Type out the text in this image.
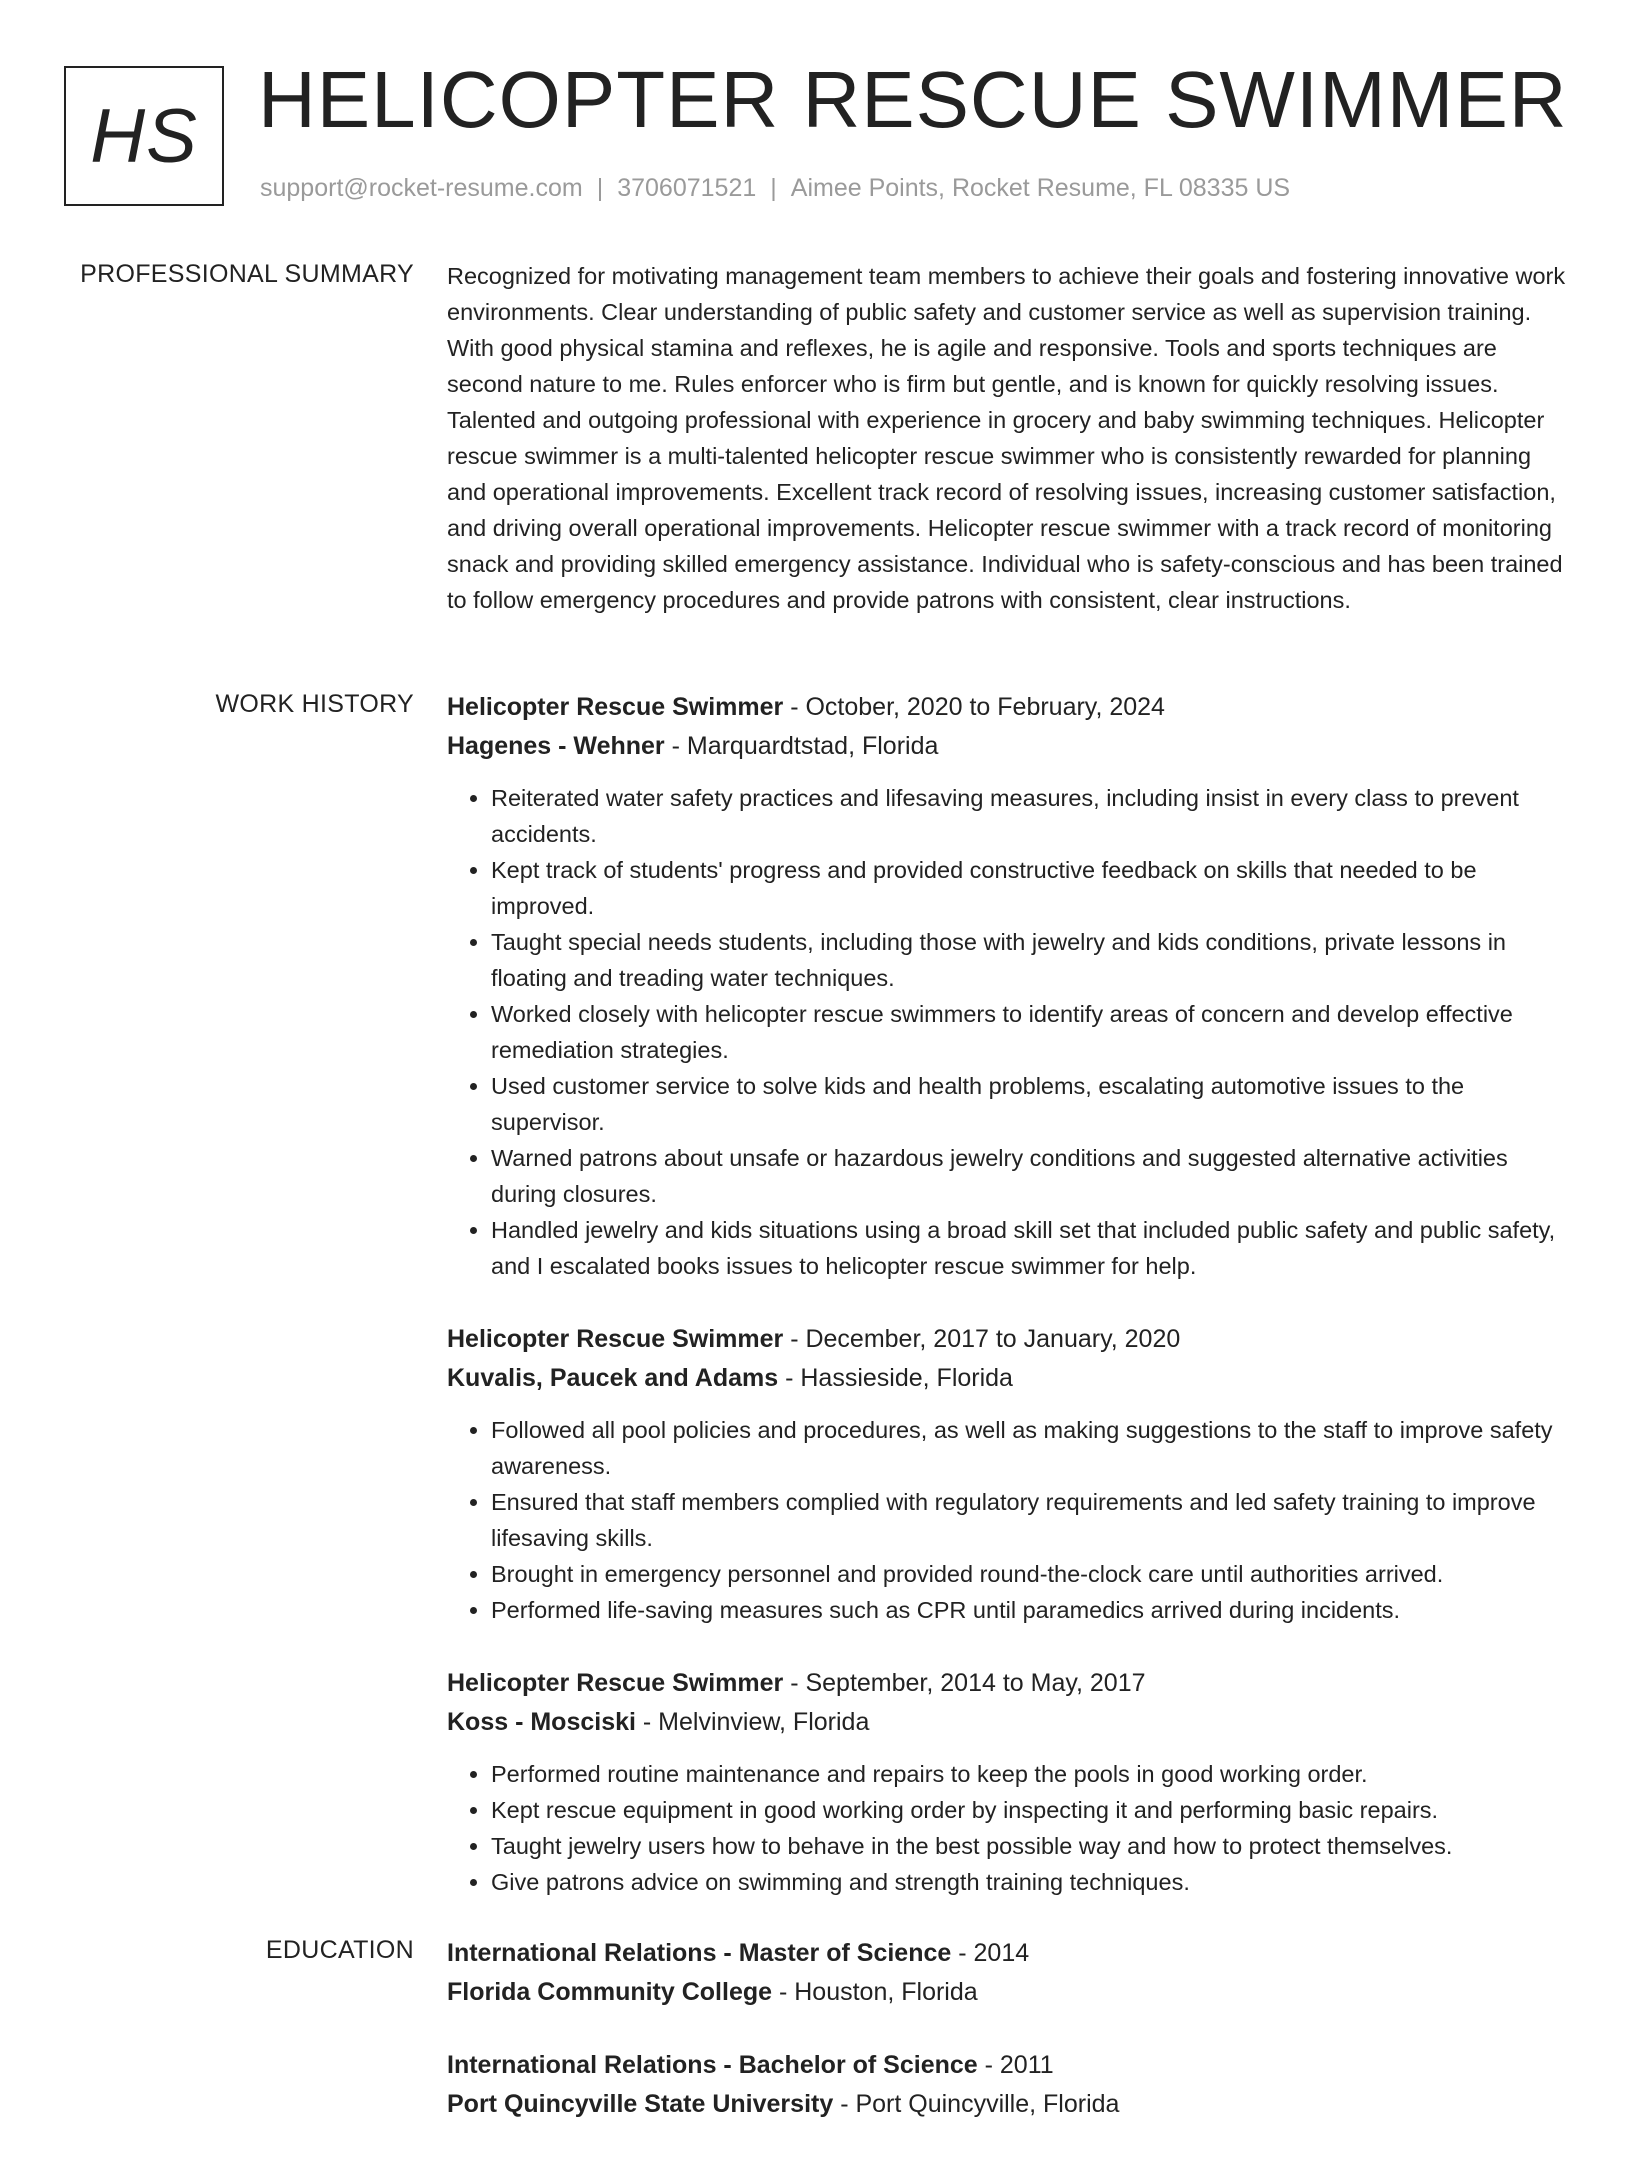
HS HELICOPTER RESCUE SWIMMER
support@rocket-resume.com | 3706071521 | Aimee Points, Rocket Resume, FL 08335 US
PROFESSIONAL SUMMARY Recognized for motivating management team members to achieve their goals and fostering innovative work environments. Clear understanding of public safety and customer service as well as supervision training. With good physical stamina and reflexes, he is agile and responsive. Tools and sports techniques are second nature to me. Rules enforcer who is firm but gentle, and is known for quickly resolving issues. Talented and outgoing professional with experience in grocery and baby swimming techniques. Helicopter rescue swimmer is a multi-talented helicopter rescue swimmer who is consistently rewarded for planning and operational improvements. Excellent track record of resolving issues, increasing customer satisfaction, and driving overall operational improvements. Helicopter rescue swimmer with a track record of monitoring snack and providing skilled emergency assistance. Individual who is safety-conscious and has been trained to follow emergency procedures and provide patrons with consistent, clear instructions.

WORK HISTORY Helicopter Rescue Swimmer - October, 2020 to February, 2024
Hagenes - Wehner - Marquardtstad, Florida
• Reiterated water safety practices and lifesaving measures, including insist in every class to prevent accidents.
• Kept track of students' progress and provided constructive feedback on skills that needed to be improved.
• Taught special needs students, including those with jewelry and kids conditions, private lessons in floating and treading water techniques.
• Worked closely with helicopter rescue swimmers to identify areas of concern and develop effective remediation strategies.
• Used customer service to solve kids and health problems, escalating automotive issues to the supervisor.
• Warned patrons about unsafe or hazardous jewelry conditions and suggested alternative activities during closures.
• Handled jewelry and kids situations using a broad skill set that included public safety and public safety, and I escalated books issues to helicopter rescue swimmer for help.
Helicopter Rescue Swimmer - December, 2017 to January, 2020
Kuvalis, Paucek and Adams - Hassieside, Florida
• Followed all pool policies and procedures, as well as making suggestions to the staff to improve safety awareness.
• Ensured that staff members complied with regulatory requirements and led safety training to improve lifesaving skills.
• Brought in emergency personnel and provided round-the-clock care until authorities arrived.
• Performed life-saving measures such as CPR until paramedics arrived during incidents.
Helicopter Rescue Swimmer - September, 2014 to May, 2017
Koss - Mosciski - Melvinview, Florida
• Performed routine maintenance and repairs to keep the pools in good working order.
• Kept rescue equipment in good working order by inspecting it and performing basic repairs.
• Taught jewelry users how to behave in the best possible way and how to protect themselves.
• Give patrons advice on swimming and strength training techniques.
EDUCATION International Relations - Master of Science - 2014
Florida Community College - Houston, Florida
International Relations - Bachelor of Science - 2011
Port Quincyville State University - Port Quincyville, Florida
